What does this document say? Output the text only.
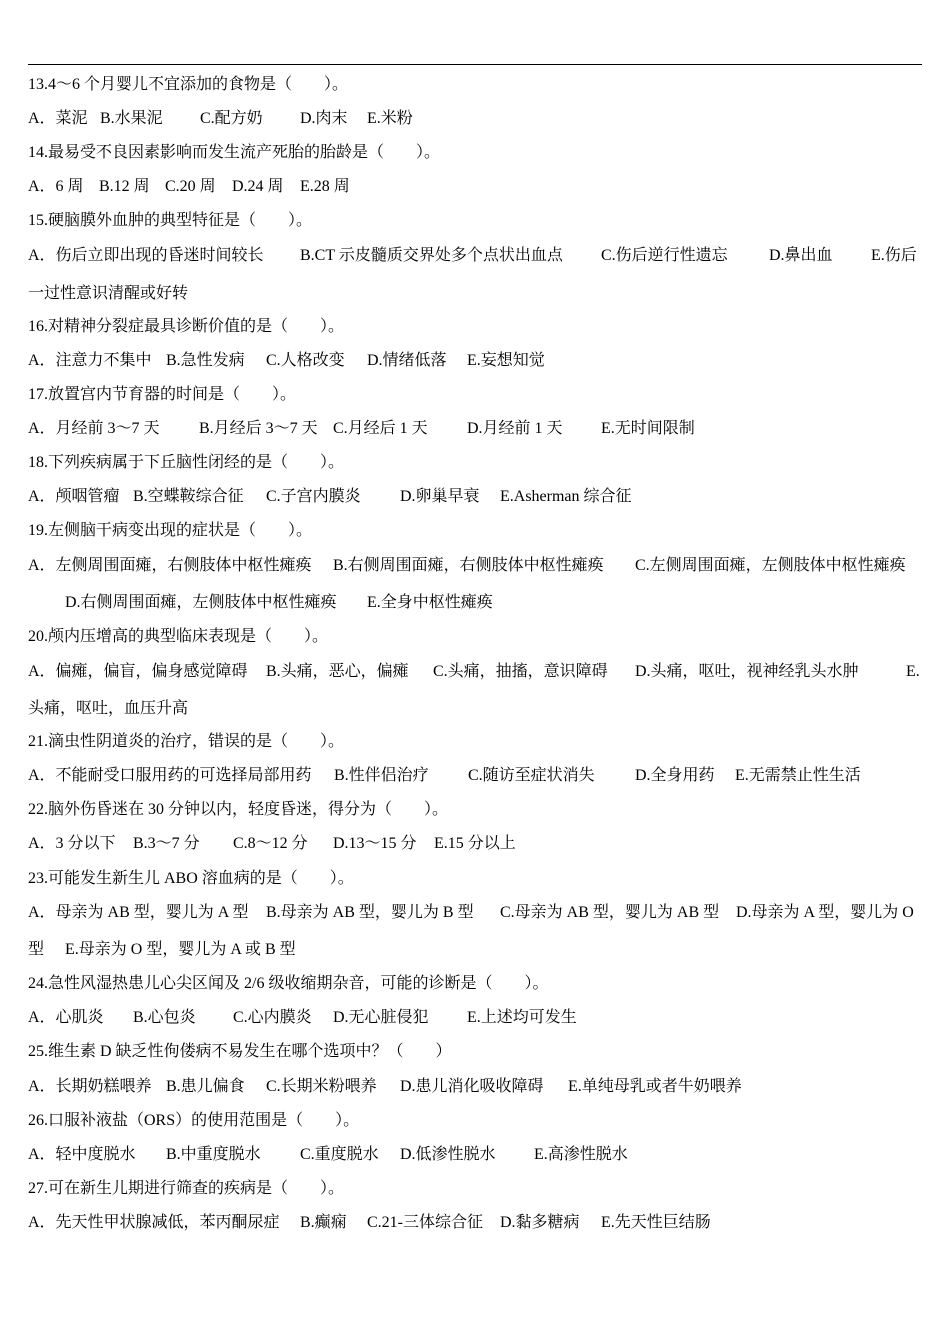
13.4～6 个月婴儿不宜添加的食物是（　　）。
A．菜泥 B.水果泥 C.配方奶 D.肉末 E.米粉
14.最易受不良因素影响而发生流产死胎的胎龄是（　　）。
A．6 周 B.12 周 C.20 周 D.24 周 E.28 周
15.硬脑膜外血肿的典型特征是（　　）。
A．伤后立即出现的昏迷时间较长 B.CT 示皮髓质交界处多个点状出血点 C.伤后逆行性遗忘	D.鼻出血 E.伤后
一过性意识清醒或好转
16.对精神分裂症最具诊断价值的是（　　）。
A．注意力不集中 B.急性发病 C.人格改变 D.情绪低落 E.妄想知觉
17.放置宫内节育器的时间是（　　）。
A．月经前 3～7 天 B.月经后 3～7 天 C.月经后 1 天 D.月经前 1 天 E.无时间限制
18.下列疾病属于下丘脑性闭经的是（　　）。
A．颅咽管瘤 B.空蝶鞍综合征 C.子宫内膜炎 D.卵巢早衰 E.Asherman 综合征
19.左侧脑干病变出现的症状是（　　）。
A．左侧周围面瘫，右侧肢体中枢性瘫痪 B.右侧周围面瘫，右侧肢体中枢性瘫痪 C.左侧周围面瘫，左侧肢体中枢性瘫痪
D.右侧周围面瘫，左侧肢体中枢性瘫痪 E.全身中枢性瘫痪
20.颅内压增高的典型临床表现是（　　）。
A．偏瘫，偏盲，偏身感觉障碍 B.头痛，恶心，偏瘫 C.头痛，抽搐，意识障碍 D.头痛，呕吐，视神经乳头水肿	E.
头痛，呕吐，血压升高
21.滴虫性阴道炎的治疗，错误的是（　　）。
A．不能耐受口服用药的可选择局部用药 B.性伴侣治疗 C.随访至症状消失	D.全身用药 E.无需禁止性生活
22.脑外伤昏迷在 30 分钟以内，轻度昏迷，得分为（　　）。
A．3 分以下 B.3～7 分 C.8～12 分 D.13～15 分 E.15 分以上
23.可能发生新生儿 ABO 溶血病的是（　　）。
A．母亲为 AB 型，婴儿为 A 型 B.母亲为 AB 型，婴儿为 B 型 C.母亲为 AB 型，婴儿为 AB 型 D.母亲为 A 型，婴儿为 O
型 E.母亲为 O 型，婴儿为 A 或 B 型
24.急性风湿热患儿心尖区闻及 2/6 级收缩期杂音，可能的诊断是（　　）。
A．心肌炎 B.心包炎 C.心内膜炎 D.无心脏侵犯 E.上述均可发生
25.维生素 D 缺乏性佝偻病不易发生在哪个选项中？（　　）
A．长期奶糕喂养 B.患儿偏食 C.长期米粉喂养 D.患儿消化吸收障碍 E.单纯母乳或者牛奶喂养
26.口服补液盐（ORS）的使用范围是（　　）。
A．轻中度脱水 B.中重度脱水 C.重度脱水 D.低渗性脱水 E.高渗性脱水
27.可在新生儿期进行筛查的疾病是（　　）。
A．先天性甲状腺减低，苯丙酮尿症 B.癫痫 C.21-三体综合征 D.黏多糖病 E.先天性巨结肠
